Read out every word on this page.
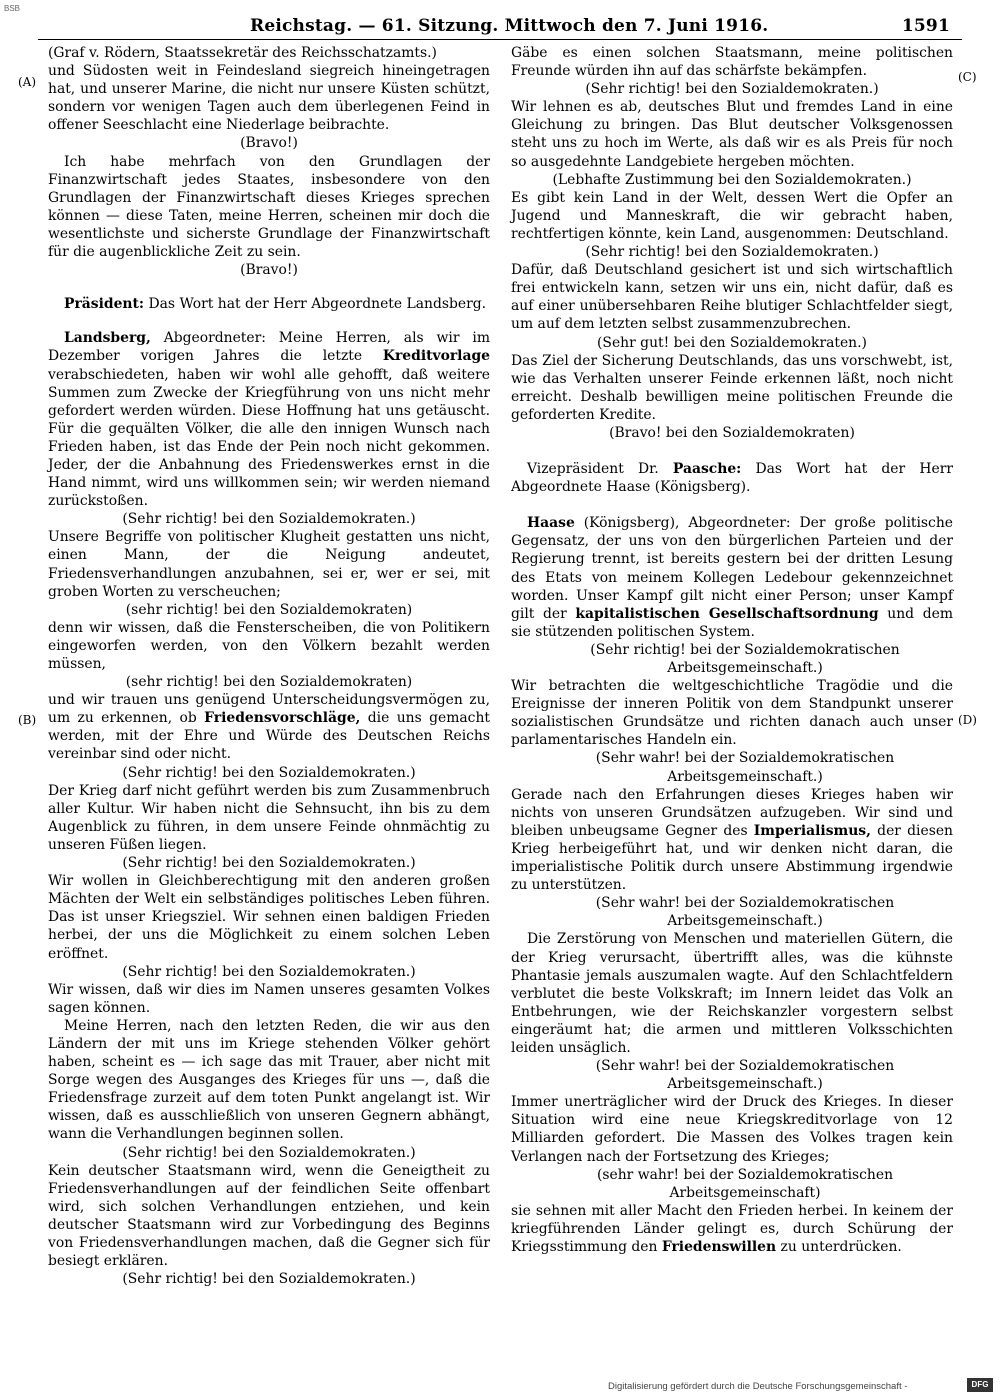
BSB
Reichstag. — 61. Sitzung. Mittwoch den 7. Juni 1916.	1591
(A)
(B)
(C)
(D)

(Graf v. Rödern, Staatssekretär des Reichsschatzamts.)

und Südosten weit in Feindesland siegreich hineingetragen hat, und unserer Marine, die nicht nur unsere Küsten schützt, sondern vor wenigen Tagen auch dem überlegenen Feind in offener Seeschlacht eine Niederlage beibrachte.

(Bravo!)

Ich habe mehrfach von den Grundlagen der Finanzwirtschaft jedes Staates, insbesondere von den Grundlagen der Finanzwirtschaft dieses Krieges sprechen können — diese Taten, meine Herren, scheinen mir doch die wesentlichste und sicherste Grundlage der Finanzwirtschaft für die augenblickliche Zeit zu sein.

(Bravo!)

Präsident: Das Wort hat der Herr Abgeordnete Landsberg.

Landsberg, Abgeordneter: Meine Herren, als wir im Dezember vorigen Jahres die letzte Kreditvorlage verabschiedeten, haben wir wohl alle gehofft, daß weitere Summen zum Zwecke der Kriegführung von uns nicht mehr gefordert werden würden. Diese Hoffnung hat uns getäuscht. Für die gequälten Völker, die alle den innigen Wunsch nach Frieden haben, ist das Ende der Pein noch nicht gekommen. Jeder, der die Anbahnung des Friedenswerkes ernst in die Hand nimmt, wird uns willkommen sein; wir werden niemand zurückstoßen.

(Sehr richtig! bei den Sozialdemokraten.)

Unsere Begriffe von politischer Klugheit gestatten uns nicht, einen Mann, der die Neigung andeutet, Friedensverhandlungen anzubahnen, sei er, wer er sei, mit groben Worten zu verscheuchen;

(sehr richtig! bei den Sozialdemokraten)

denn wir wissen, daß die Fensterscheiben, die von Politikern eingeworfen werden, von den Völkern bezahlt werden müssen,

(sehr richtig! bei den Sozialdemokraten)

und wir trauen uns genügend Unterscheidungsvermögen zu, um zu erkennen, ob Friedensvorschläge, die uns gemacht werden, mit der Ehre und Würde des Deutschen Reichs vereinbar sind oder nicht.

(Sehr richtig! bei den Sozialdemokraten.)

Der Krieg darf nicht geführt werden bis zum Zusammenbruch aller Kultur. Wir haben nicht die Sehnsucht, ihn bis zu dem Augenblick zu führen, in dem unsere Feinde ohnmächtig zu unseren Füßen liegen.

(Sehr richtig! bei den Sozialdemokraten.)

Wir wollen in Gleichberechtigung mit den anderen großen Mächten der Welt ein selbständiges politisches Leben führen. Das ist unser Kriegsziel. Wir sehnen einen baldigen Frieden herbei, der uns die Möglichkeit zu einem solchen Leben eröffnet.

(Sehr richtig! bei den Sozialdemokraten.)

Wir wissen, daß wir dies im Namen unseres gesamten Volkes sagen können.

Meine Herren, nach den letzten Reden, die wir aus den Ländern der mit uns im Kriege stehenden Völker gehört haben, scheint es — ich sage das mit Trauer, aber nicht mit Sorge wegen des Ausganges des Krieges für uns —, daß die Friedensfrage zurzeit auf dem toten Punkt angelangt ist. Wir wissen, daß es ausschließlich von unseren Gegnern abhängt, wann die Verhandlungen beginnen sollen.

(Sehr richtig! bei den Sozialdemokraten.)

Kein deutscher Staatsmann wird, wenn die Geneigtheit zu Friedensverhandlungen auf der feindlichen Seite offenbart wird, sich solchen Verhandlungen entziehen, und kein deutscher Staatsmann wird zur Vorbedingung des Beginns von Friedensverhandlungen machen, daß die Gegner sich für besiegt erklären.

(Sehr richtig! bei den Sozialdemokraten.)

Gäbe es einen solchen Staatsmann, meine politischen Freunde würden ihn auf das schärfste bekämpfen.

(Sehr richtig! bei den Sozialdemokraten.)

Wir lehnen es ab, deutsches Blut und fremdes Land in eine Gleichung zu bringen. Das Blut deutscher Volksgenossen steht uns zu hoch im Werte, als daß wir es als Preis für noch so ausgedehnte Landgebiete hergeben möchten.

(Lebhafte Zustimmung bei den Sozialdemokraten.)

Es gibt kein Land in der Welt, dessen Wert die Opfer an Jugend und Manneskraft, die wir gebracht haben, rechtfertigen könnte, kein Land, ausgenommen: Deutschland.

(Sehr richtig! bei den Sozialdemokraten.)

Dafür, daß Deutschland gesichert ist und sich wirtschaftlich frei entwickeln kann, setzen wir uns ein, nicht dafür, daß es auf einer unübersehbaren Reihe blutiger Schlachtfelder siegt, um auf dem letzten selbst zusammenzubrechen.

(Sehr gut! bei den Sozialdemokraten.)

Das Ziel der Sicherung Deutschlands, das uns vorschwebt, ist, wie das Verhalten unserer Feinde erkennen läßt, noch nicht erreicht. Deshalb bewilligen meine politischen Freunde die geforderten Kredite.

(Bravo! bei den Sozialdemokraten)

Vizepräsident Dr. Paasche: Das Wort hat der Herr Abgeordnete Haase (Königsberg).

Haase (Königsberg), Abgeordneter: Der große politische Gegensatz, der uns von den bürgerlichen Parteien und der Regierung trennt, ist bereits gestern bei der dritten Lesung des Etats von meinem Kollegen Ledebour gekennzeichnet worden. Unser Kampf gilt nicht einer Person; unser Kampf gilt der kapitalistischen Gesellschaftsordnung und dem sie stützenden politischen System.

(Sehr richtig! bei der Sozialdemokratischen Arbeitsgemeinschaft.)

Wir betrachten die weltgeschichtliche Tragödie und die Ereignisse der inneren Politik von dem Standpunkt unserer sozialistischen Grundsätze und richten danach auch unser parlamentarisches Handeln ein.

(Sehr wahr! bei der Sozialdemokratischen Arbeitsgemeinschaft.)

Gerade nach den Erfahrungen dieses Krieges haben wir nichts von unseren Grundsätzen aufzugeben. Wir sind und bleiben unbeugsame Gegner des Imperialismus, der diesen Krieg herbeigeführt hat, und wir denken nicht daran, die imperialistische Politik durch unsere Abstimmung irgendwie zu unterstützen.

(Sehr wahr! bei der Sozialdemokratischen Arbeitsgemeinschaft.)

Die Zerstörung von Menschen und materiellen Gütern, die der Krieg verursacht, übertrifft alles, was die kühnste Phantasie jemals auszumalen wagte. Auf den Schlachtfeldern verblutet die beste Volkskraft; im Innern leidet das Volk an Entbehrungen, wie der Reichskanzler vorgestern selbst eingeräumt hat; die armen und mittleren Volksschichten leiden unsäglich.

(Sehr wahr! bei der Sozialdemokratischen Arbeitsgemeinschaft.)

Immer unerträglicher wird der Druck des Krieges. In dieser Situation wird eine neue Kriegskreditvorlage von 12 Milliarden gefordert. Die Massen des Volkes tragen kein Verlangen nach der Fortsetzung des Krieges;

(sehr wahr! bei der Sozialdemokratischen Arbeitsgemeinschaft)

sie sehnen mit aller Macht den Frieden herbei. In keinem der kriegführenden Länder gelingt es, durch Schürung der Kriegsstimmung den Friedenswillen zu unterdrücken.

Digitalisierung gefördert durch die Deutsche Forschungsgemeinschaft -	DFG
